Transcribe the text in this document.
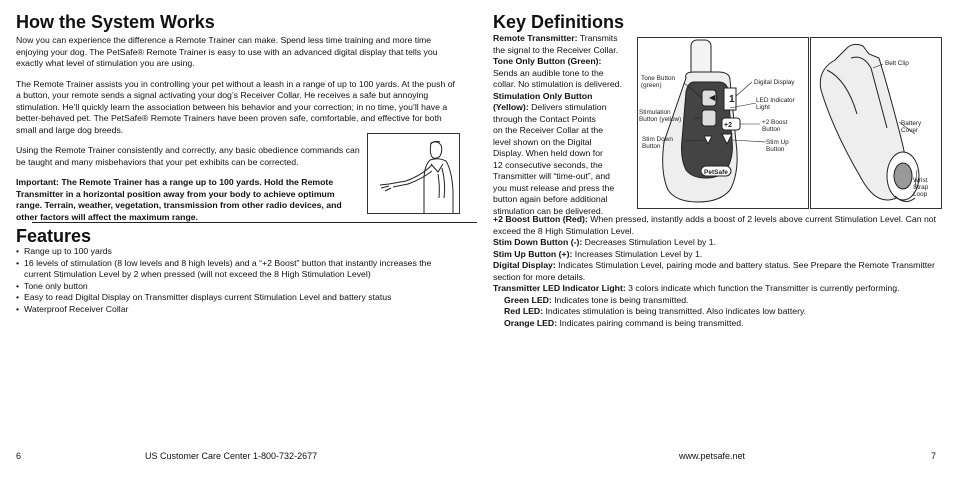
How the System Works

Now you can experience the difference a Remote Trainer can make. Spend less time training and more time enjoying your dog. The PetSafe® Remote Trainer is easy to use with an advanced digital display that tells you exactly what level of stimulation you are using.

The Remote Trainer assists you in controlling your pet without a leash in a range of up to 100 yards. At the push of a button, your remote sends a signal activating your dog’s Receiver Collar. He receives a safe but annoying stimulation. He’ll quickly learn the association between his behavior and your correction; in no time, you’ll have a better-behaved pet. The PetSafe® Remote Trainers have been proven safe, comfortable, and effective for both small and large dog breeds.

Using the Remote Trainer consistently and correctly, any basic obedience commands can be taught and many misbehaviors that your pet exhibits can be corrected.

Important: The Remote Trainer has a range up to 100 yards. Hold the Remote Transmitter in a horizontal position away from your body to achieve optimum range. Terrain, weather, vegetation, transmission from other radio devices, and other factors will affect the maximum range.

Features
• Range up to 100 yards
• 16 levels of stimulation (8 low levels and 8 high levels) and a “+2 Boost” button that instantly increases the current Stimulation Level by 2 when pressed (will not exceed the 8 High Stimulation Level)
• Tone only button
• Easy to read Digital Display on Transmitter displays current Stimulation Level and battery status
• Waterproof Receiver Collar
6	US Customer Care Center 1-800-732-2677
Key Definitions

Remote Transmitter: Transmits

the signal to the Receiver Collar.

Tone Only Button (Green):

Sends an audible tone to the

collar. No stimulation is delivered.

Stimulation Only Button

(Yellow): Delivers stimulation

through the Contact Points

on the Receiver Collar at the

level shown on the Digital

Display. When held down for

12 consecutive seconds, the

Transmitter will “time-out”, and

you must release and press the

button again before additional

stimulation can be delivered.

+2 Boost Button (Red): When pressed, instantly adds a boost of 2 levels above current Stimulation Level. Can not exceed the 8 High Stimulation Level.

Stim Down Button (-): Decreases Stimulation Level by 1.

Stim Up Button (+): Increases Stimulation Level by 1.

Digital Display: Indicates Stimulation Level, pairing mode and battery status. See Prepare the Remote Transmitter section for more details.

Transmitter LED Indicator Light: 3 colors indicate which function the Transmitter is currently performing.

Green LED: Indicates tone is being transmitted.

Red LED: Indicates stimulation is being transmitted. Also indicates low battery.

Orange LED: Indicates pairing command is being transmitted.

www.petsafe.net	7
◀) 1
+2
PetSafe
Tone Button
(green)
Stimulation
Button (yellow)
Stim Down
Button
Digital Display
LED Indicator
Light
+2 Boost
Button
Stim Up
Button
Belt Clip
Battery
Cover
Wrist
Strap
Loop
